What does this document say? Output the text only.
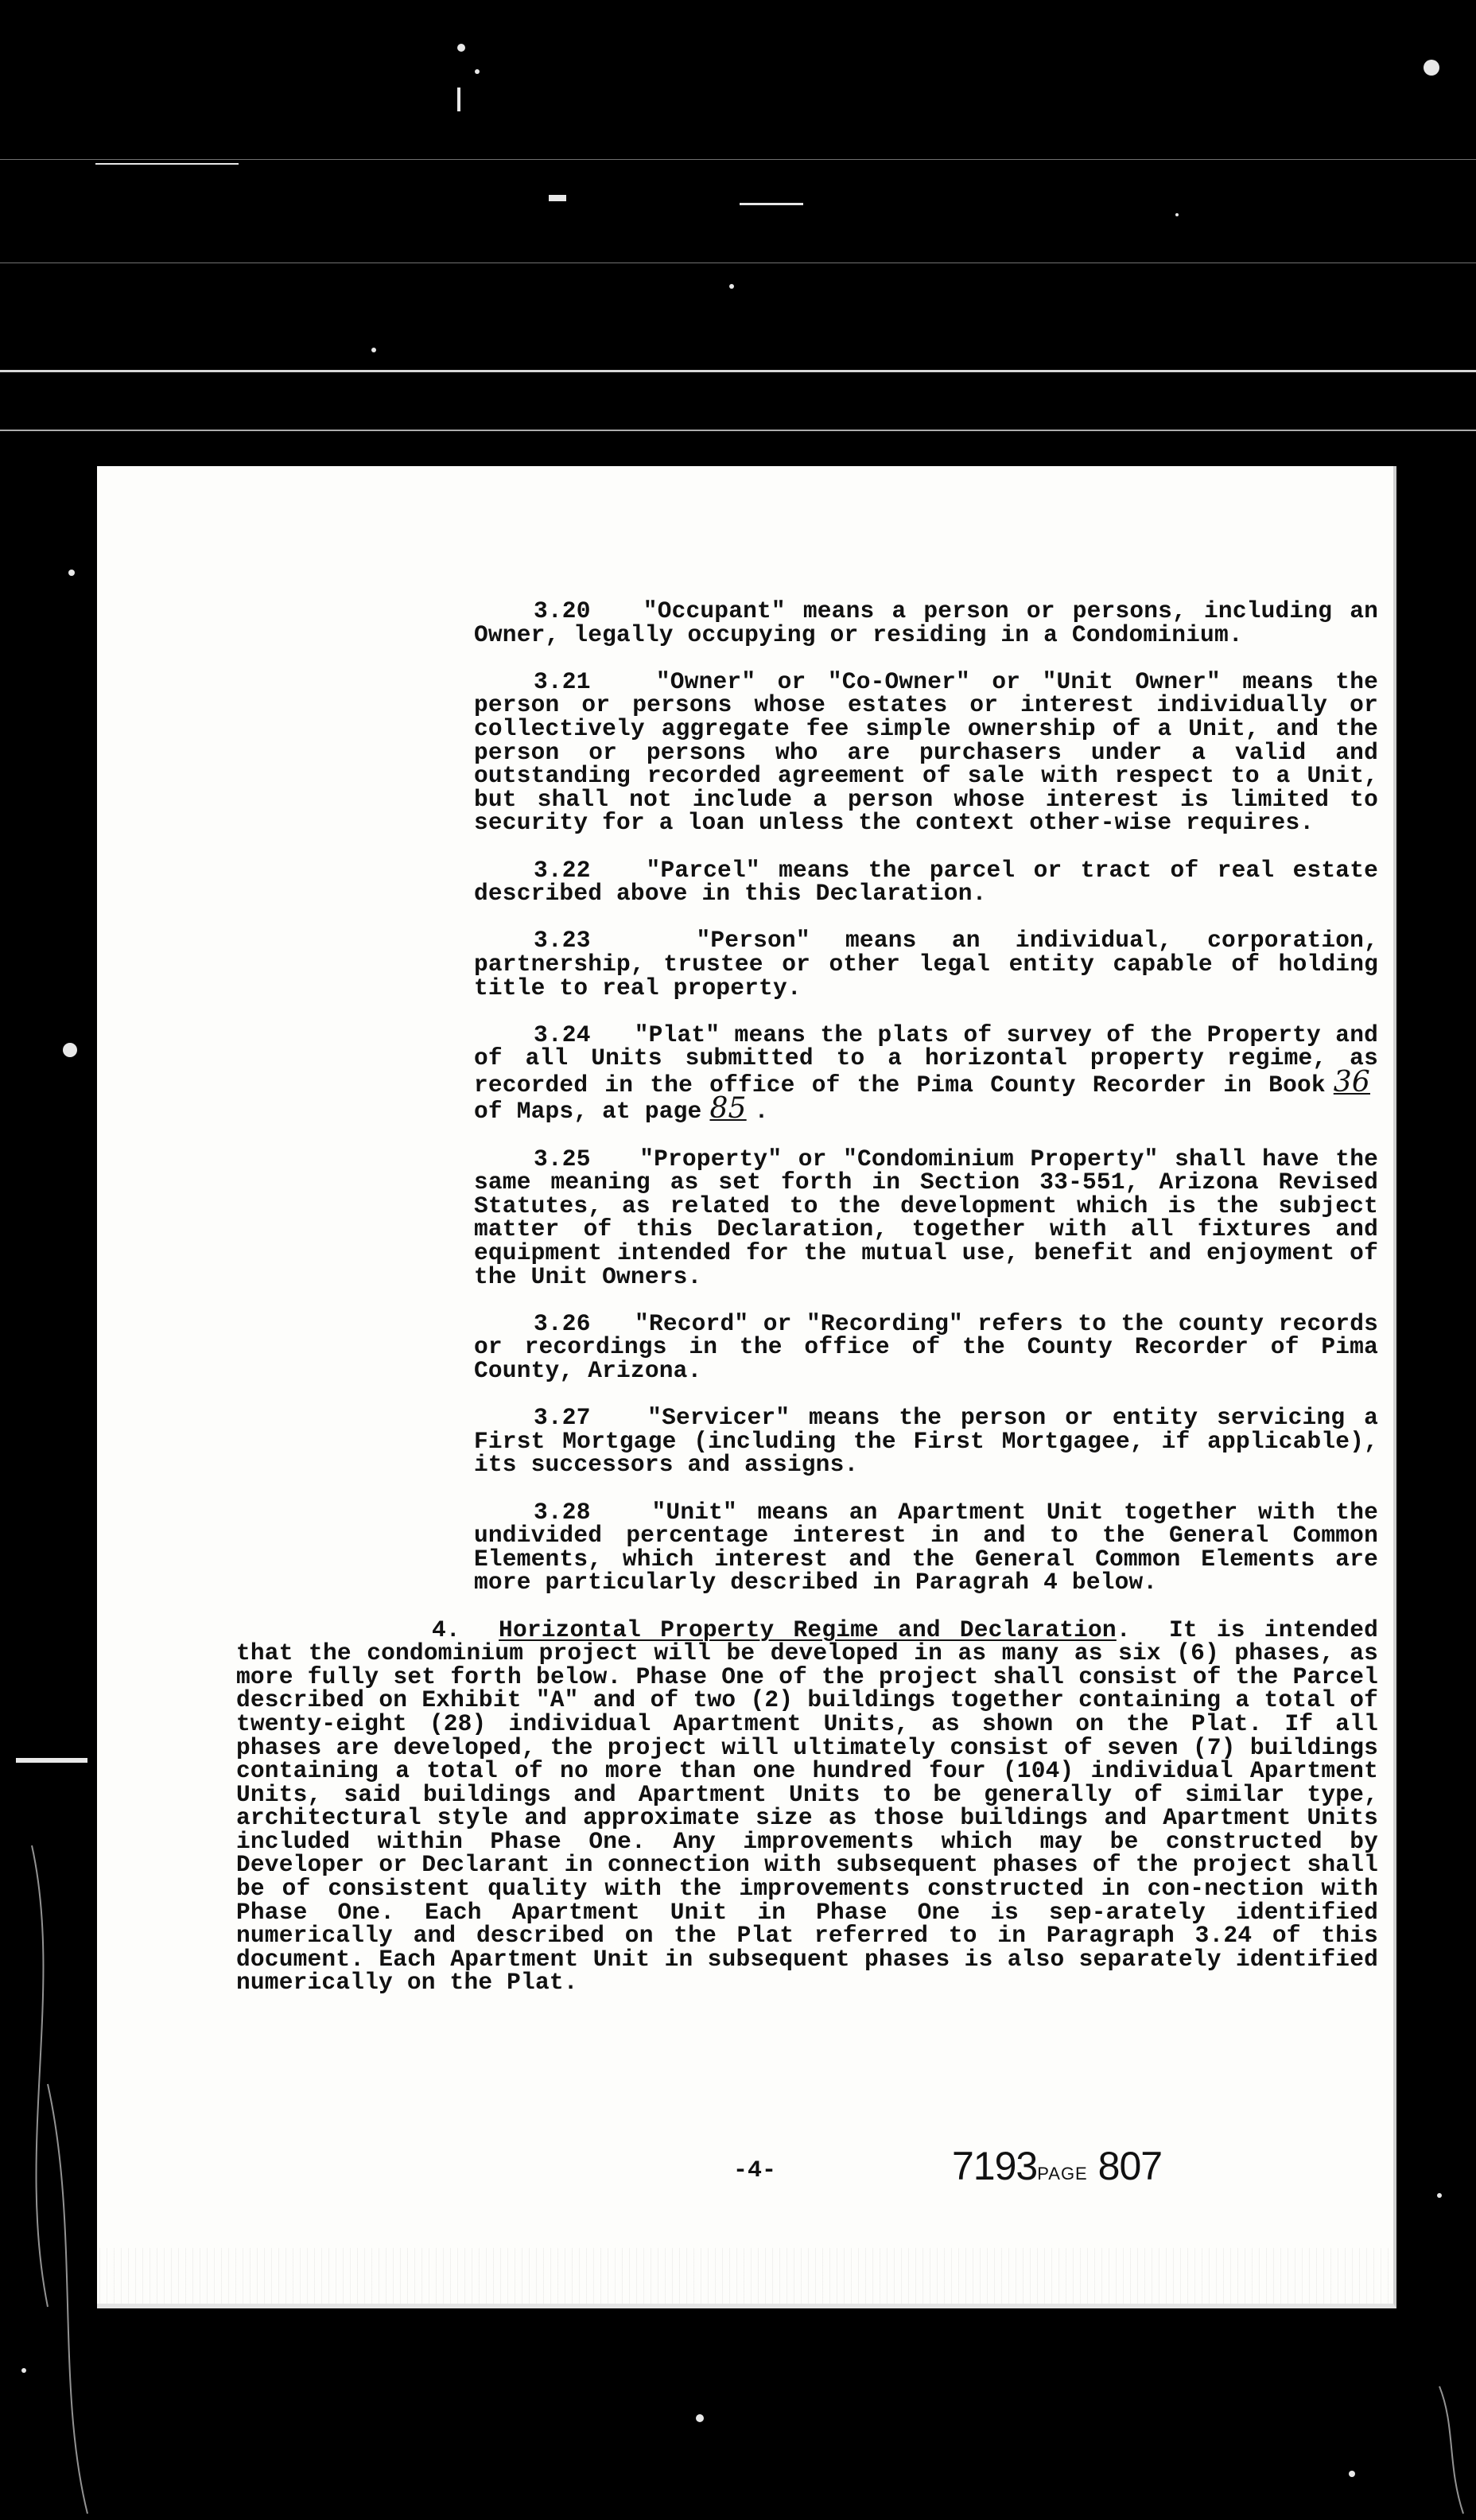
3.20   "Occupant" means a person or persons, including an Owner, legally occupying or residing in a Condominium.

3.21   "Owner" or "Co-Owner" or "Unit Owner" means the person or persons whose estates or interest individually or collectively aggregate fee simple ownership of a Unit, and the person or persons who are purchasers under a valid and outstanding recorded agreement of sale with respect to a Unit, but shall not include a person whose interest is limited to security for a loan unless the context other-wise requires.

3.22   "Parcel" means the parcel or tract of real estate described above in this Declaration.

3.23   "Person" means an individual, corporation, partnership, trustee or other legal entity capable of holding title to real property.

3.24   "Plat" means the plats of survey of the Property and of all Units submitted to a horizontal property regime, as recorded in the office of the Pima County Recorder in Book 36 of Maps, at page 85 .

3.25   "Property" or "Condominium Property" shall have the same meaning as set forth in Section 33-551, Arizona Revised Statutes, as related to the development which is the subject matter of this Declaration, together with all fixtures and equipment intended for the mutual use, benefit and enjoyment of the Unit Owners.

3.26   "Record" or "Recording" refers to the county records or recordings in the office of the County Recorder of Pima County, Arizona.

3.27   "Servicer" means the person or entity servicing a First Mortgage (including the First Mortgagee, if applicable), its successors and assigns.

3.28   "Unit" means an Apartment Unit together with the undivided percentage interest in and to the General Common Elements, which interest and the General Common Elements are more particularly described in Paragrah 4 below.

4. Horizontal Property Regime and Declaration. It is intended that the condominium project will be developed in as many as six (6) phases, as more fully set forth below. Phase One of the project shall consist of the Parcel described on Exhibit "A" and of two (2) buildings together containing a total of twenty-eight (28) individual Apartment Units, as shown on the Plat. If all phases are developed, the project will ultimately consist of seven (7) buildings containing a total of no more than one hundred four (104) individual Apartment Units, said buildings and Apartment Units to be generally of similar type, architectural style and approximate size as those buildings and Apartment Units included within Phase One. Any improvements which may be constructed by Developer or Declarant in connection with subsequent phases of the project shall be of consistent quality with the improvements constructed in con-nection with Phase One. Each Apartment Unit in Phase One is sep-arately identified numerically and described on the Plat referred to in Paragraph 3.24 of this document. Each Apartment Unit in subsequent phases is also separately identified numerically on the Plat.

-4-	7193PAGE 807
